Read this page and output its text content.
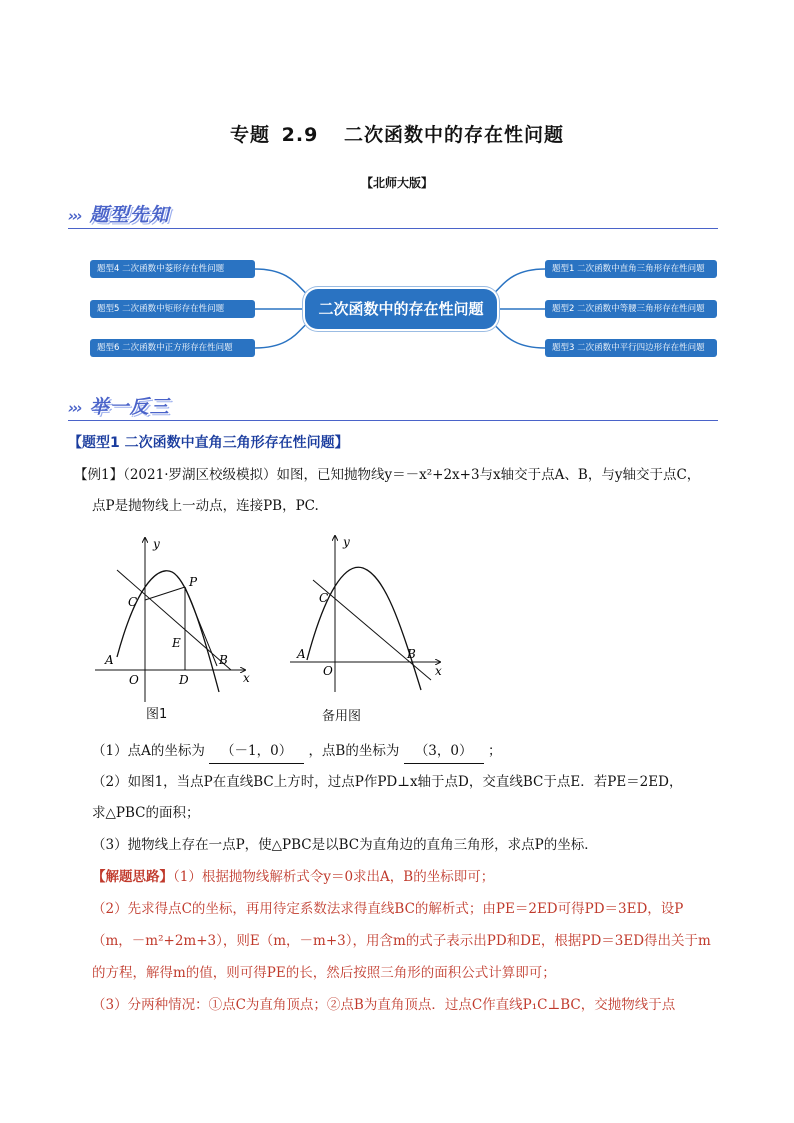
专题 2.9 二次函数中的存在性问题
【北师大版】
››› 题型先知
二次函数中的存在性问题
题型4 二次函数中菱形存在性问题
题型5 二次函数中矩形存在性问题
题型6 二次函数中正方形存在性问题
题型1 二次函数中直角三角形存在性问题
题型2 二次函数中等腰三角形存在性问题
题型3 二次函数中平行四边形存在性问题
››› 举一反三
【题型1 二次函数中直角三角形存在性问题】
【例1】（2021·罗湖区校级模拟）如图，已知抛物线y＝－x²+2x+3与x轴交于点A、B，与y轴交于点C，
点P是抛物线上一动点，连接PB，PC.
y
x
C
P
E
A	B
O	D
图1
y
x
C
A	B
O
备用图
（1）点A的坐标为 （－1，0） ，点B的坐标为 （3，0） ；
（2）如图1，当点P在直线BC上方时，过点P作PD⊥x轴于点D，交直线BC于点E．若PE＝2ED，
求△PBC的面积；
（3）抛物线上存在一点P，使△PBC是以BC为直角边的直角三角形，求点P的坐标．
【解题思路】（1）根据抛物线解析式令y＝0求出A，B的坐标即可；
（2）先求得点C的坐标，再用待定系数法求得直线BC的解析式；由PE＝2ED可得PD＝3ED，设P
（m，－m²+2m+3），则E（m，－m+3），用含m的式子表示出PD和DE，根据PD＝3ED得出关于m
的方程，解得m的值，则可得PE的长，然后按照三角形的面积公式计算即可；
（3）分两种情况：①点C为直角顶点；②点B为直角顶点．过点C作直线P₁C⊥BC，交抛物线于点
